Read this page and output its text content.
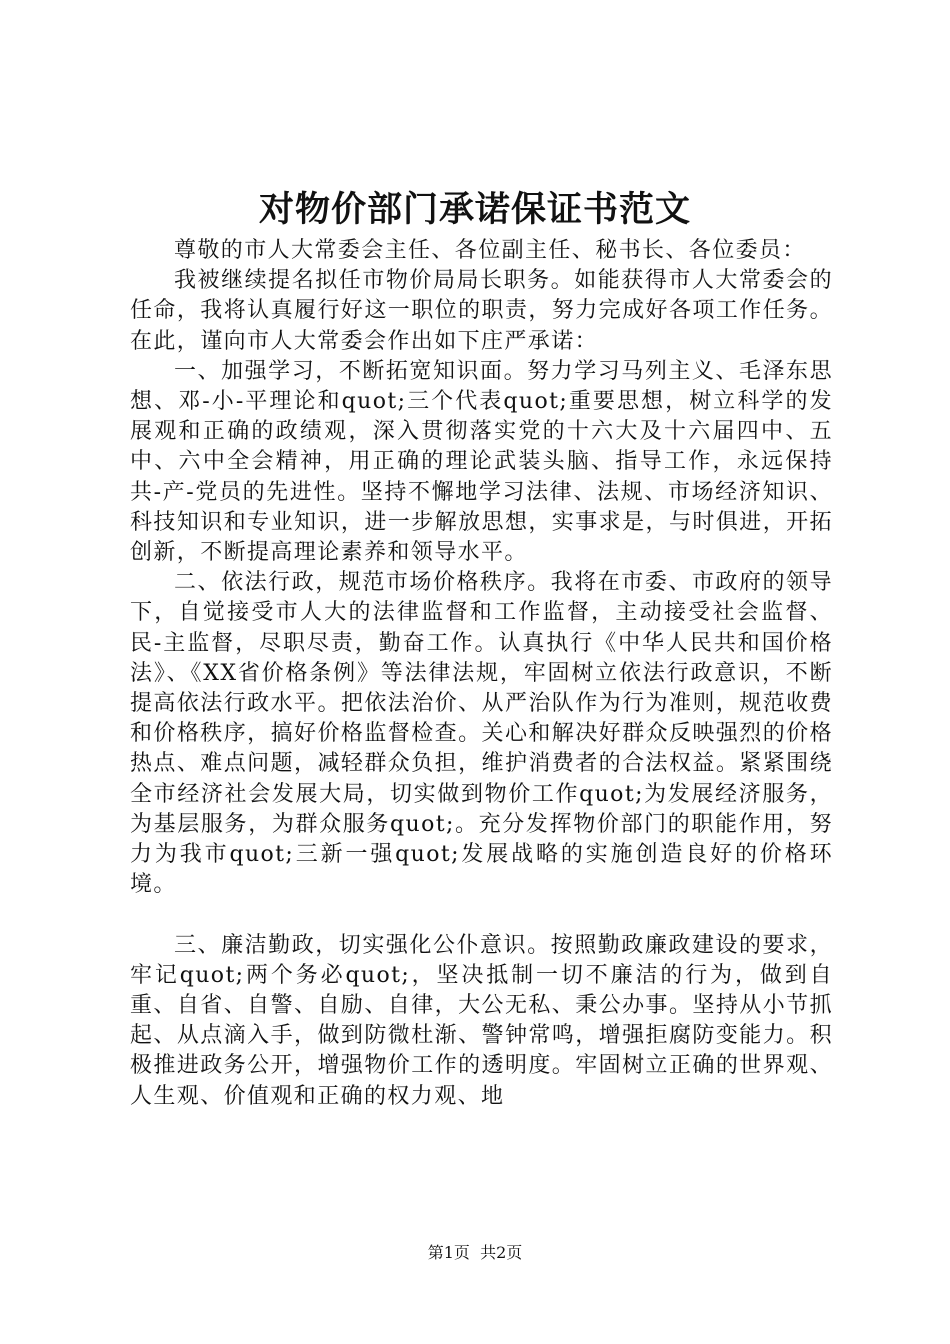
对物价部门承诺保证书范文

尊敬的市人大常委会主任、各位副主任、秘书长、各位委员：

我被继续提名拟任市物价局局长职务。如能获得市人大常委会的任命，我将认真履行好这一职位的职责，努力完成好各项工作任务。在此，谨向市人大常委会作出如下庄严承诺：

一、加强学习，不断拓宽知识面。努力学习马列主义、毛泽东思想、邓-小-平理论和quot;三个代表quot;重要思想，树立科学的发展观和正确的政绩观，深入贯彻落实党的十六大及十六届四中、五中、六中全会精神，用正确的理论武装头脑、指导工作，永远保持共-产-党员的先进性。坚持不懈地学习法律、法规、市场经济知识、科技知识和专业知识，进一步解放思想，实事求是，与时俱进，开拓创新，不断提高理论素养和领导水平。

二、依法行政，规范市场价格秩序。我将在市委、市政府的领导下，自觉接受市人大的法律监督和工作监督，主动接受社会监督、民-主监督，尽职尽责，勤奋工作。认真执行《中华人民共和国价格法》、《XX省价格条例》等法律法规，牢固树立依法行政意识，不断提高依法行政水平。把依法治价、从严治队作为行为准则，规范收费和价格秩序，搞好价格监督检查。关心和解决好群众反映强烈的价格热点、难点问题，减轻群众负担，维护消费者的合法权益。紧紧围绕全市经济社会发展大局，切实做到物价工作quot;为发展经济服务，为基层服务，为群众服务quot;。充分发挥物价部门的职能作用，努力为我市quot;三新一强quot;发展战略的实施创造良好的价格环境。

三、廉洁勤政，切实强化公仆意识。按照勤政廉政建设的要求，牢记quot;两个务必quot;，坚决抵制一切不廉洁的行为，做到自重、自省、自警、自励、自律，大公无私、秉公办事。坚持从小节抓起、从点滴入手，做到防微杜渐、警钟常鸣，增强拒腐防变能力。积极推进政务公开，增强物价工作的透明度。牢固树立正确的世界观、人生观、价值观和正确的权力观、地

第1页 共2页
